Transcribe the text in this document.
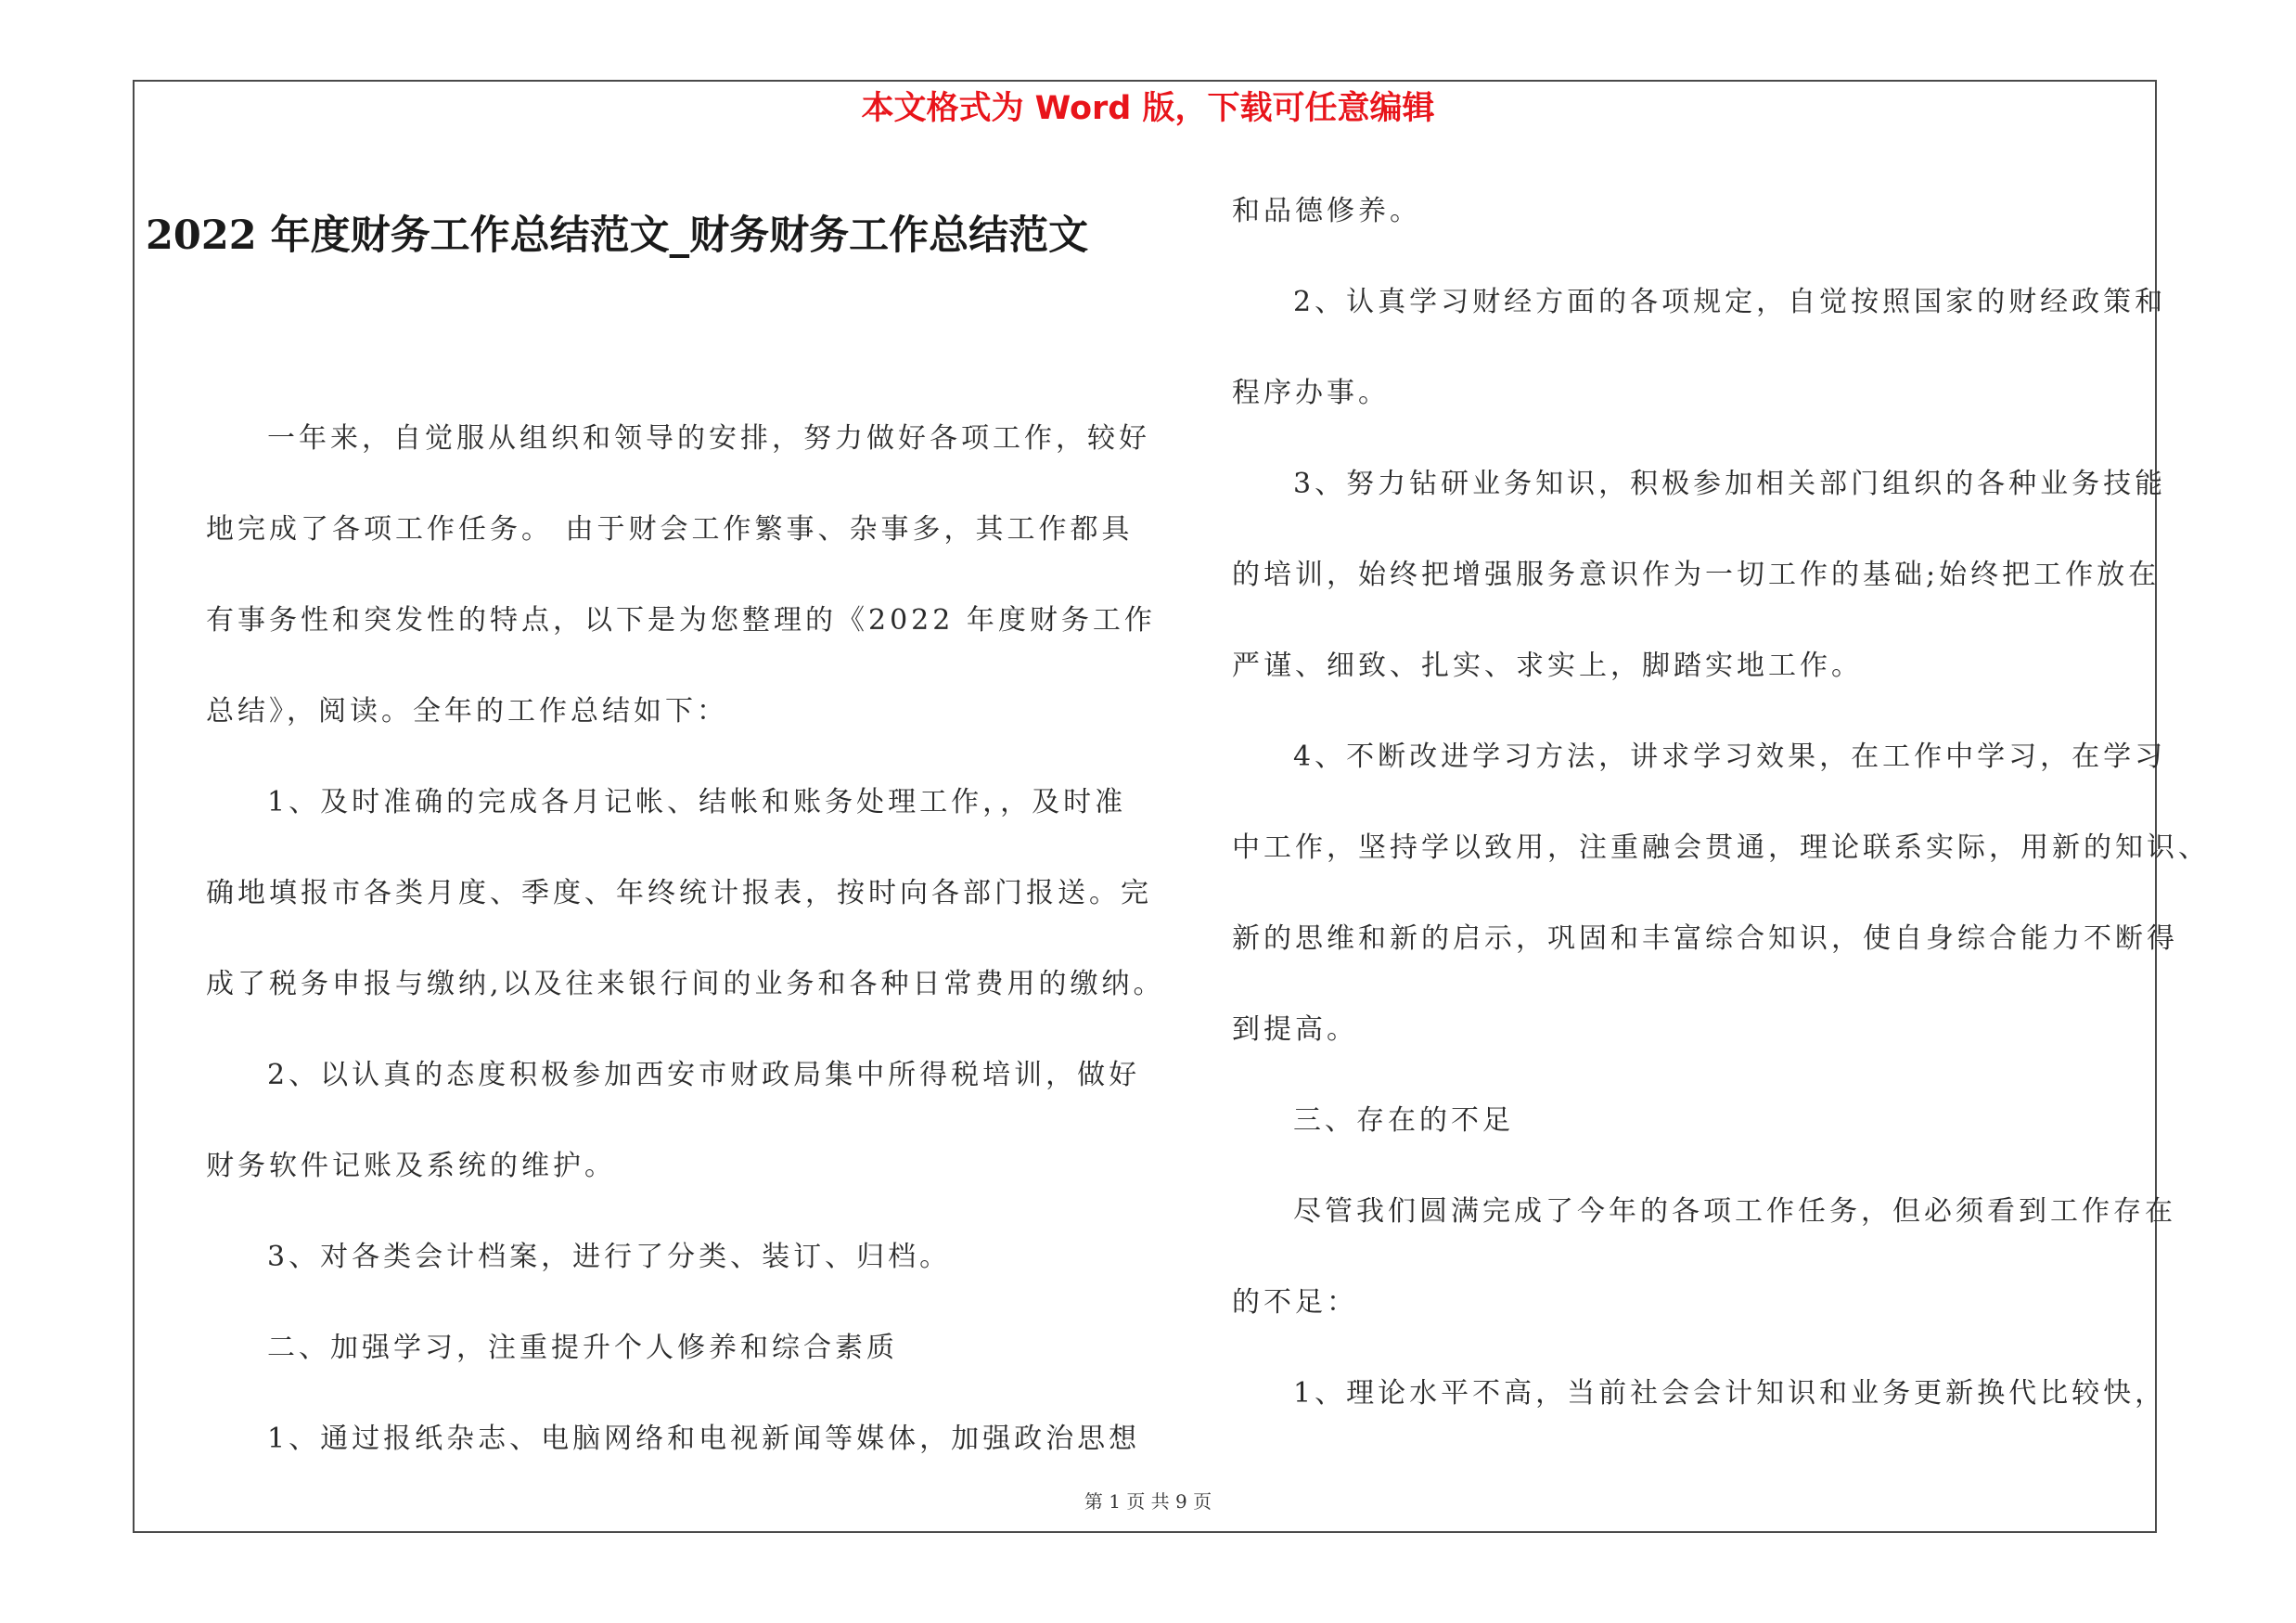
本文格式为 Word 版，下载可任意编辑
2022 年度财务工作总结范文_财务财务工作总结范文
一年来，自觉服从组织和领导的安排，努力做好各项工作，较好
地完成了各项工作任务。 由于财会工作繁事、杂事多，其工作都具
有事务性和突发性的特点，以下是为您整理的《2022 年度财务工作
总结》，阅读。全年的工作总结如下：
1、及时准确的完成各月记帐、结帐和账务处理工作，，及时准
确地填报市各类月度、季度、年终统计报表，按时向各部门报送。完
成了税务申报与缴纳,以及往来银行间的业务和各种日常费用的缴纳。
2、以认真的态度积极参加西安市财政局集中所得税培训，做好
财务软件记账及系统的维护。
3、对各类会计档案，进行了分类、装订、归档。
二、加强学习，注重提升个人修养和综合素质
1、通过报纸杂志、电脑网络和电视新闻等媒体，加强政治思想
和品德修养。
2、认真学习财经方面的各项规定，自觉按照国家的财经政策和
程序办事。
3、努力钻研业务知识，积极参加相关部门组织的各种业务技能
的培训，始终把增强服务意识作为一切工作的基础;始终把工作放在
严谨、细致、扎实、求实上，脚踏实地工作。
4、不断改进学习方法，讲求学习效果，在工作中学习，在学习
中工作，坚持学以致用，注重融会贯通，理论联系实际，用新的知识、
新的思维和新的启示，巩固和丰富综合知识，使自身综合能力不断得
到提高。
三、存在的不足
尽管我们圆满完成了今年的各项工作任务，但必须看到工作存在
的不足：
1、理论水平不高，当前社会会计知识和业务更新换代比较快，
第 1 页 共 9 页
